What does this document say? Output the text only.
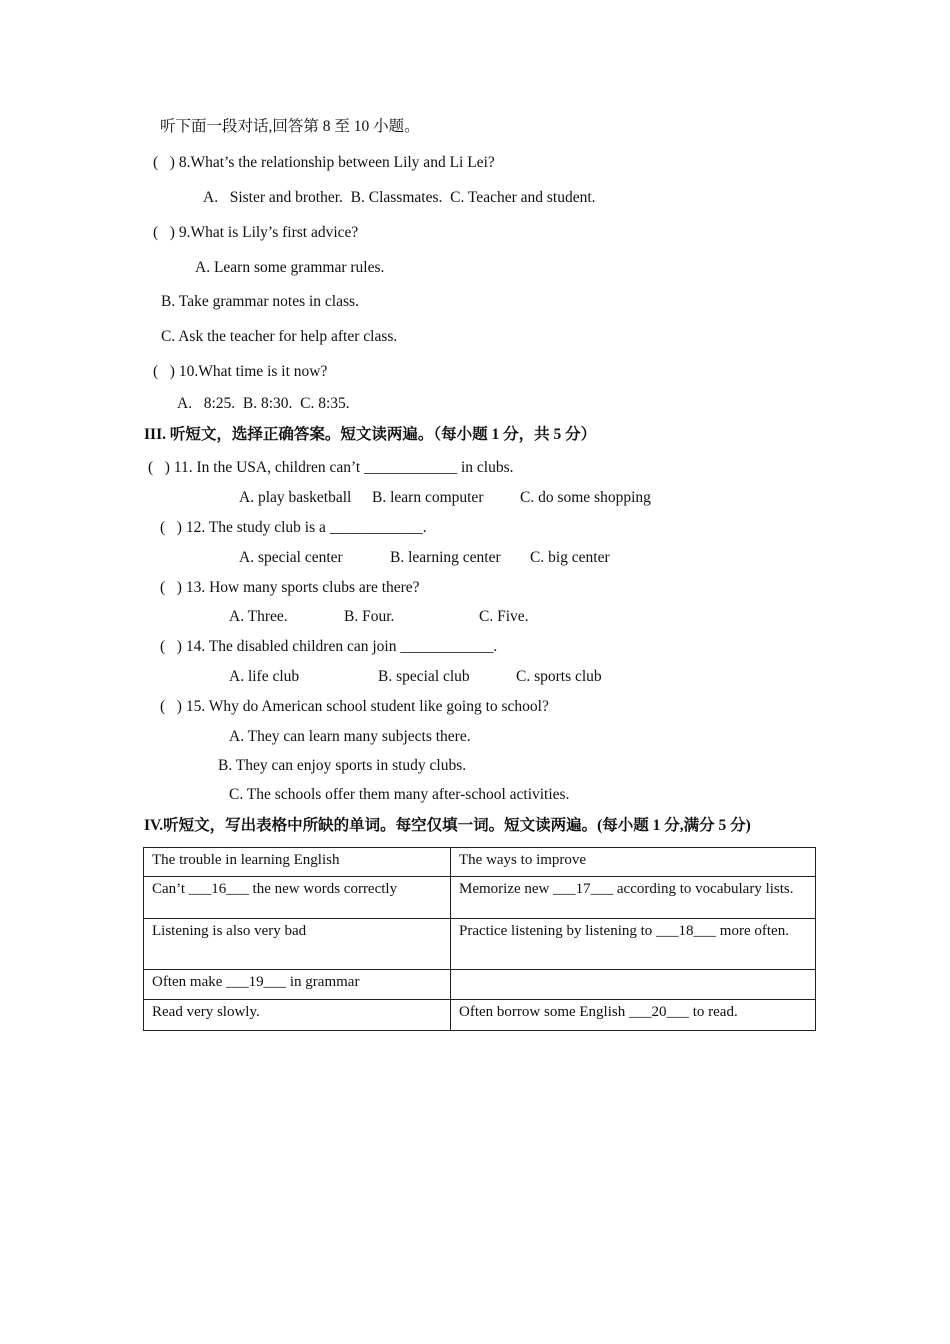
听下面一段对话,回答第 8 至 10 小题。
(   ) 8.What’s the relationship between Lily and Li Lei?
A.   Sister and brother.  B. Classmates.  C. Teacher and student.
(   ) 9.What is Lily’s first advice?
A. Learn some grammar rules.
B. Take grammar notes in class.
C. Ask the teacher for help after class.
(   ) 10.What time is it now?
A.   8:25.  B. 8:30.  C. 8:35.
III. 听短文，选择正确答案。短文读两遍。（每小题 1 分，共 5 分）
(   ) 11. In the USA, children can’t ____________ in clubs.
A. play basketball B. learn computer C. do some shopping
(   ) 12. The study club is a ____________.
A. special center	B. learning center C. big center
(   ) 13. How many sports clubs are there?
A. Three.	B. Four.	C. Five.
(   ) 14. The disabled children can join ____________.
A. life club	B. special club	C. sports club
(   ) 15. Why do American school student like going to school?
A. They can learn many subjects there.
B. They can enjoy sports in study clubs.
C. The schools offer them many after-school activities.
IV.听短文，写出表格中所缺的单词。每空仅填一词。短文读两遍。(每小题 1 分,满分 5 分)
The trouble in learning English	The ways to improve
Can’t ___16___ the new words correctly	Memorize new ___17___ according to vocabulary lists.
Listening is also very bad	Practice listening by listening to ___18___ more often.
Often make ___19___ in grammar	
Read very slowly.	Often borrow some English ___20___ to read.
